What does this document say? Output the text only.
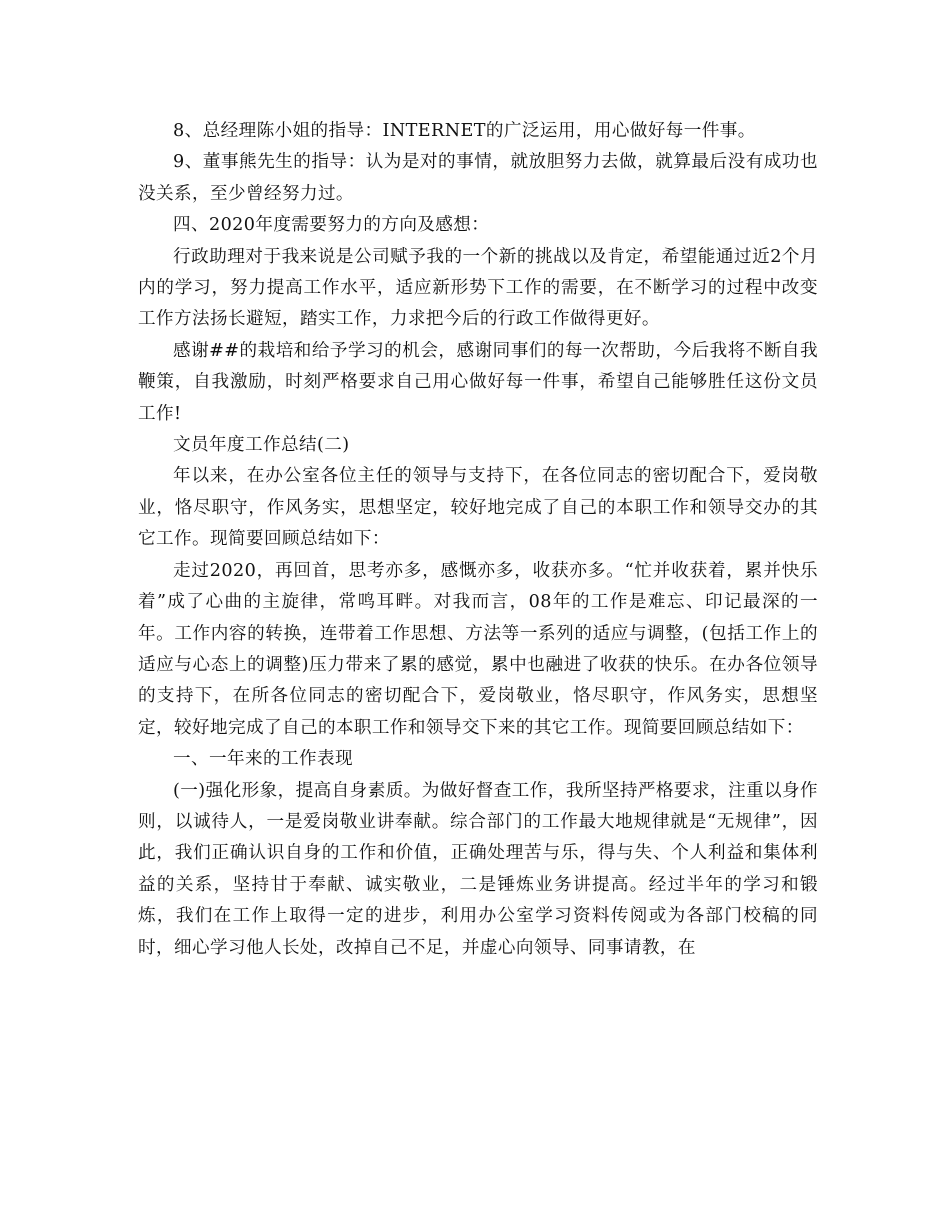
8、总经理陈小姐的指导：INTERNET的广泛运用，用心做好每一件事。

9、董事熊先生的指导：认为是对的事情，就放胆努力去做，就算最后没有成功也没关系，至少曾经努力过。

四、2020年度需要努力的方向及感想：

行政助理对于我来说是公司赋予我的一个新的挑战以及肯定，希望能通过近2个月内的学习，努力提高工作水平，适应新形势下工作的需要，在不断学习的过程中改变工作方法扬长避短，踏实工作，力求把今后的行政工作做得更好。

感谢##的栽培和给予学习的机会，感谢同事们的每一次帮助，今后我将不断自我鞭策，自我激励，时刻严格要求自己用心做好每一件事，希望自己能够胜任这份文员工作!

文员年度工作总结(二)

年以来，在办公室各位主任的领导与支持下，在各位同志的密切配合下，爱岗敬业，恪尽职守，作风务实，思想坚定，较好地完成了自己的本职工作和领导交办的其它工作。现简要回顾总结如下：

走过2020，再回首，思考亦多，感慨亦多，收获亦多。“忙并收获着，累并快乐着”成了心曲的主旋律，常鸣耳畔。对我而言，08年的工作是难忘、印记最深的一年。工作内容的转换，连带着工作思想、方法等一系列的适应与调整，(包括工作上的适应与心态上的调整)压力带来了累的感觉，累中也融进了收获的快乐。在办各位领导的支持下，在所各位同志的密切配合下，爱岗敬业，恪尽职守，作风务实，思想坚定，较好地完成了自己的本职工作和领导交下来的其它工作。现简要回顾总结如下：

一、一年来的工作表现

(一)强化形象，提高自身素质。为做好督查工作，我所坚持严格要求，注重以身作则，以诚待人，一是爱岗敬业讲奉献。综合部门的工作最大地规律就是“无规律”，因此，我们正确认识自身的工作和价值，正确处理苦与乐，得与失、个人利益和集体利益的关系，坚持甘于奉献、诚实敬业，二是锤炼业务讲提高。经过半年的学习和锻炼，我们在工作上取得一定的进步，利用办公室学习资料传阅或为各部门校稿的同时，细心学习他人长处，改掉自己不足，并虚心向领导、同事请教，在
